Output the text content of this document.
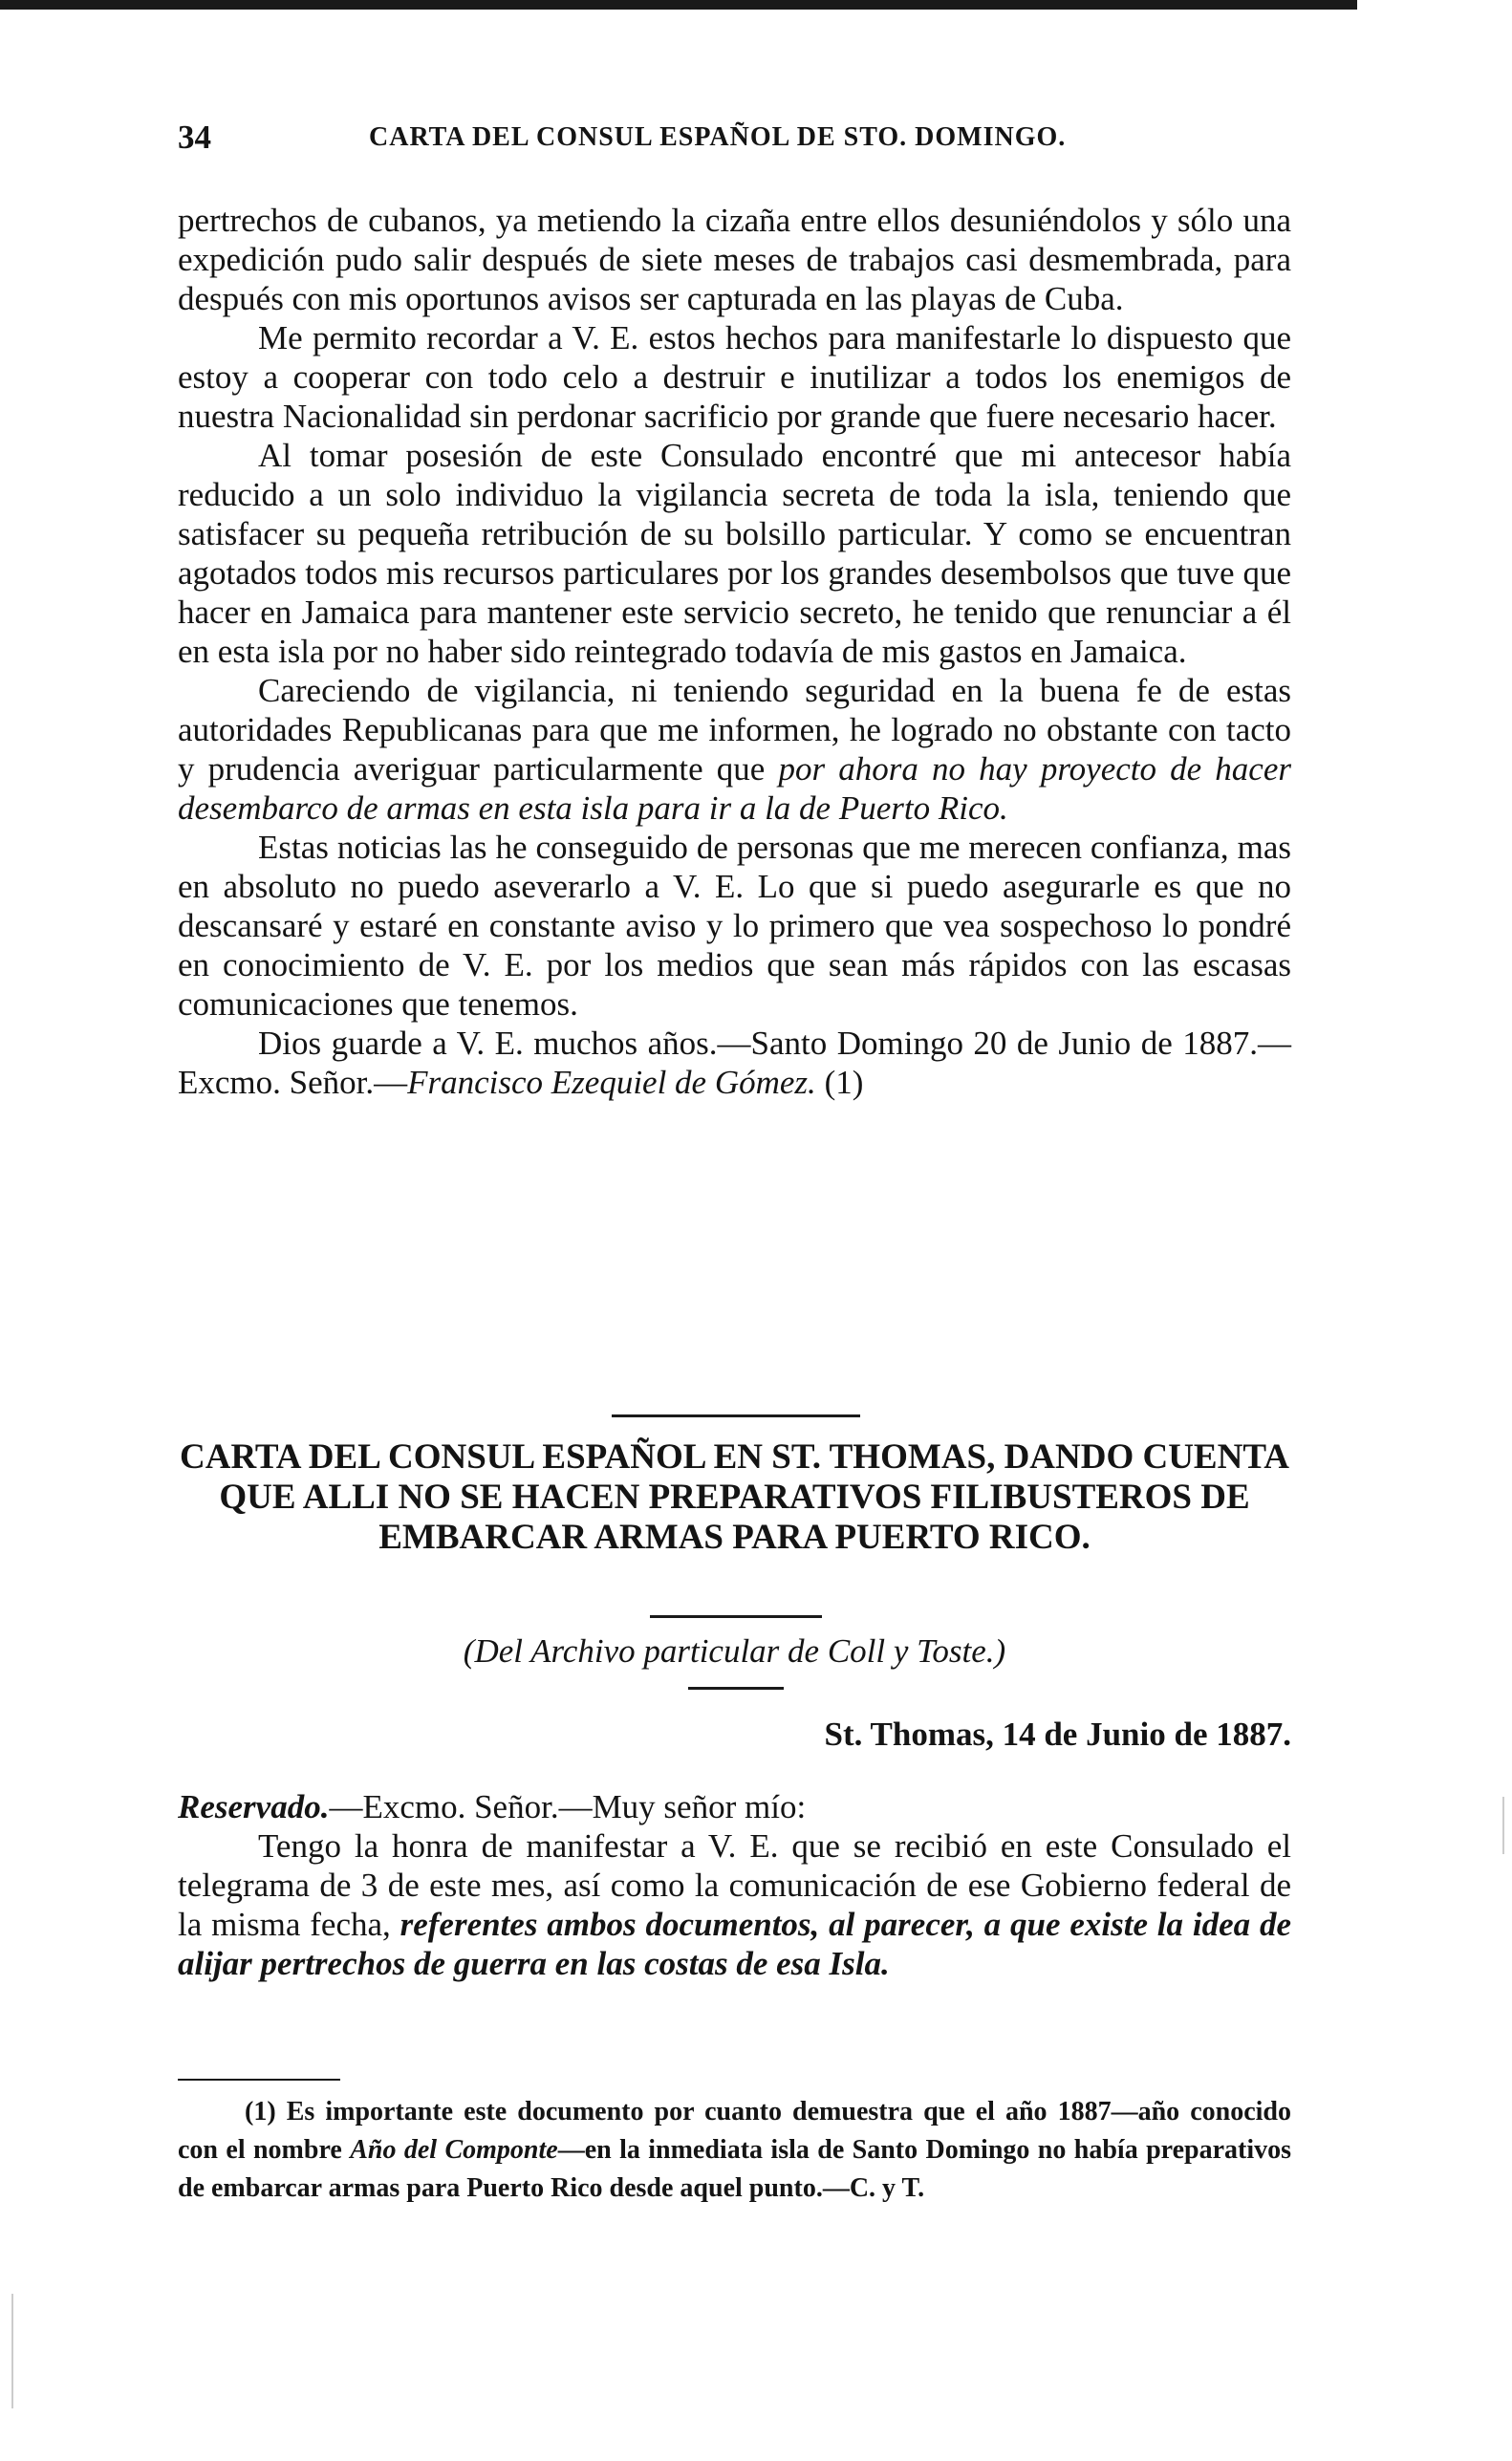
34	CARTA DEL CONSUL ESPAÑOL DE STO. DOMINGO.

pertrechos de cubanos, ya metiendo la cizaña entre ellos desuniéndolos y sólo una expedición pudo salir después de siete meses de trabajos casi desmembrada, para después con mis oportunos avisos ser capturada en las playas de Cuba.

Me permito recordar a V. E. estos hechos para manifestarle lo dispuesto que estoy a cooperar con todo celo a destruir e inutilizar a todos los enemigos de nuestra Nacionalidad sin perdonar sacrificio por grande que fuere necesario hacer.

Al tomar posesión de este Consulado encontré que mi antecesor había reducido a un solo individuo la vigilancia secreta de toda la isla, teniendo que satisfacer su pequeña retribución de su bolsillo particular. Y como se encuentran agotados todos mis recursos particulares por los grandes desembolsos que tuve que hacer en Jamaica para mantener este servicio secreto, he tenido que renunciar a él en esta isla por no haber sido reintegrado todavía de mis gastos en Jamaica.

Careciendo de vigilancia, ni teniendo seguridad en la buena fe de estas autoridades Republicanas para que me informen, he logrado no obstante con tacto y prudencia averiguar particularmente que por ahora no hay proyecto de hacer desembarco de armas en esta isla para ir a la de Puerto Rico.

Estas noticias las he conseguido de personas que me merecen confianza, mas en absoluto no puedo aseverarlo a V. E. Lo que si puedo asegurarle es que no descansaré y estaré en constante aviso y lo primero que vea sospechoso lo pondré en conocimiento de V. E. por los medios que sean más rápidos con las escasas comunicaciones que tenemos.

Dios guarde a V. E. muchos años.—Santo Domingo 20 de Junio de 1887.—Excmo. Señor.—Francisco Ezequiel de Gómez. (1)

CARTA DEL CONSUL ESPAÑOL EN ST. THOMAS, DANDO CUENTA QUE ALLI NO SE HACEN PREPARATIVOS FILIBUSTEROS DE EMBARCAR ARMAS PARA PUERTO RICO.
(Del Archivo particular de Coll y Toste.)
St. Thomas, 14 de Junio de 1887.

Reservado.—Excmo. Señor.—Muy señor mío:

Tengo la honra de manifestar a V. E. que se recibió en este Consulado el telegrama de 3 de este mes, así como la comunicación de ese Gobierno federal de la misma fecha, referentes ambos documentos, al parecer, a que existe la idea de alijar pertrechos de guerra en las costas de esa Isla.

(1) Es importante este documento por cuanto demuestra que el año 1887—año conocido con el nombre Año del Componte—en la inmediata isla de Santo Domingo no había preparativos de embarcar armas para Puerto Rico desde aquel punto.—C. y T.
